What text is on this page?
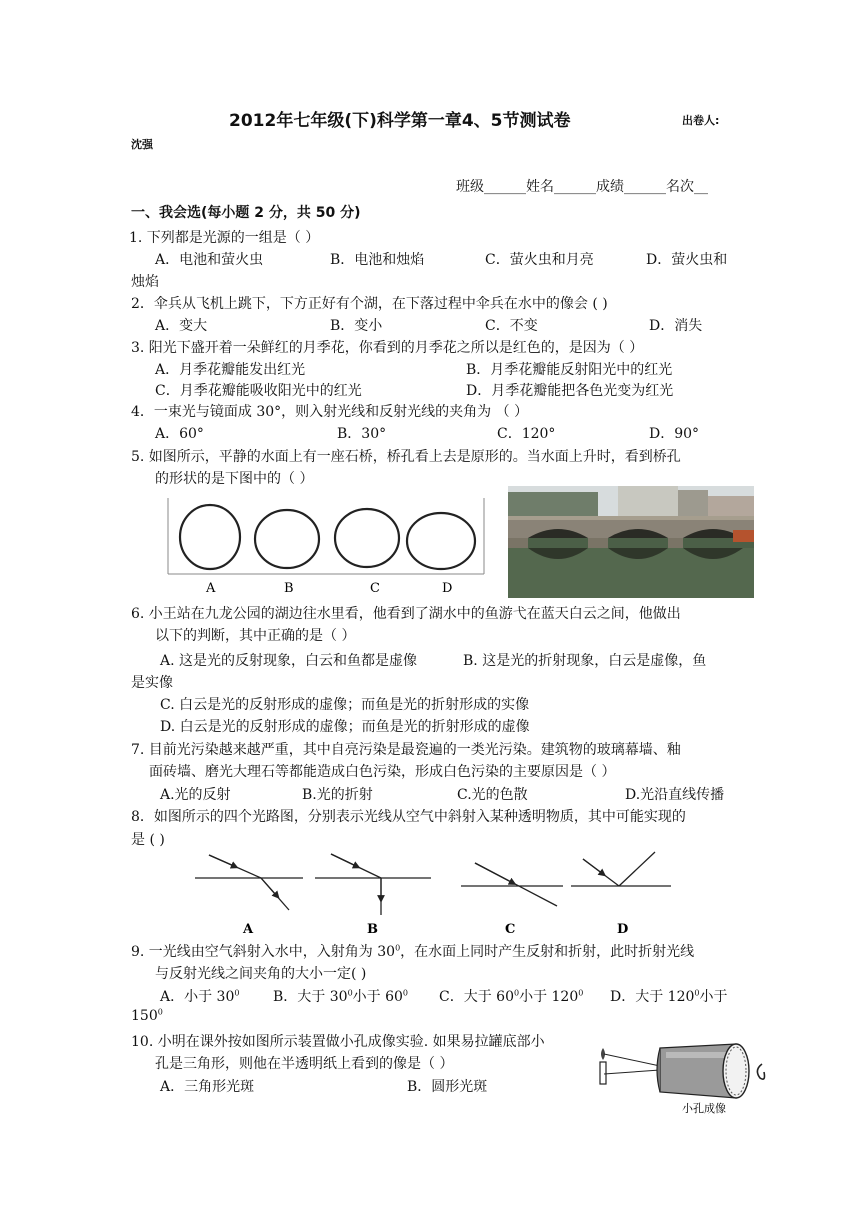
2012年七年级(下)科学第一章4、5节测试卷	出卷人:
沈强
班级______姓名______成绩______名次__
一、我会选(每小题 2 分，共 50 分)
1. 下列都是光源的一组是（ ）
A．电池和萤火虫	B．电池和烛焰	C．萤火虫和月亮	D．萤火虫和
烛焰
2．伞兵从飞机上跳下，下方正好有个湖，在下落过程中伞兵在水中的像会 ( )
A．变大	B．变小	C．不变	D．消失
3. 阳光下盛开着一朵鲜红的月季花，你看到的月季花之所以是红色的，是因为（ ）
A．月季花瓣能发出红光	B．月季花瓣能反射阳光中的红光
C．月季花瓣能吸收阳光中的红光	D．月季花瓣能把各色光变为红光
4．一束光与镜面成 30°，则入射光线和反射光线的夹角为 （ ）
A．60°	B．30°	C．120°	D．90°
5. 如图所示，平静的水面上有一座石桥，桥孔看上去是原形的。当水面上升时，看到桥孔
的形状的是下图中的（ ）
A	B	C	D
6. 小王站在九龙公园的湖边往水里看，他看到了湖水中的鱼游弋在蓝天白云之间，他做出
以下的判断，其中正确的是（ ）
A. 这是光的反射现象，白云和鱼都是虚像	B. 这是光的折射现象，白云是虚像，鱼
是实像
C. 白云是光的反射形成的虚像；而鱼是光的折射形成的实像
D. 白云是光的反射形成的虚像；而鱼是光的折射形成的虚像
7. 目前光污染越来越严重，其中自亮污染是最瓷遍的一类光污染。建筑物的玻璃幕墙、釉
面砖墙、磨光大理石等都能造成白色污染，形成白色污染的主要原因是（ ）
A.光的反射	B.光的折射	C.光的色散	D.光沿直线传播
8．如图所示的四个光路图，分别表示光线从空气中斜射入某种透明物质，其中可能实现的
是 ( )
A	B	C	D
9. 一光线由空气斜射入水中，入射角为 $30^0$，在水面上同时产生反射和折射，此时折射光线
与反射光线之间夹角的大小一定( )
A．小于 $30^0$ B．大于 $30^0$小于 $60^0$ C．大于 $60^0$小于 $120^0$ D．大于 $120^0$小于
$150^0$
10. 小明在课外按如图所示装置做小孔成像实验. 如果易拉罐底部小
孔是三角形，则他在半透明纸上看到的像是（ ）
A．三角形光斑	B．圆形光斑
小孔成像
